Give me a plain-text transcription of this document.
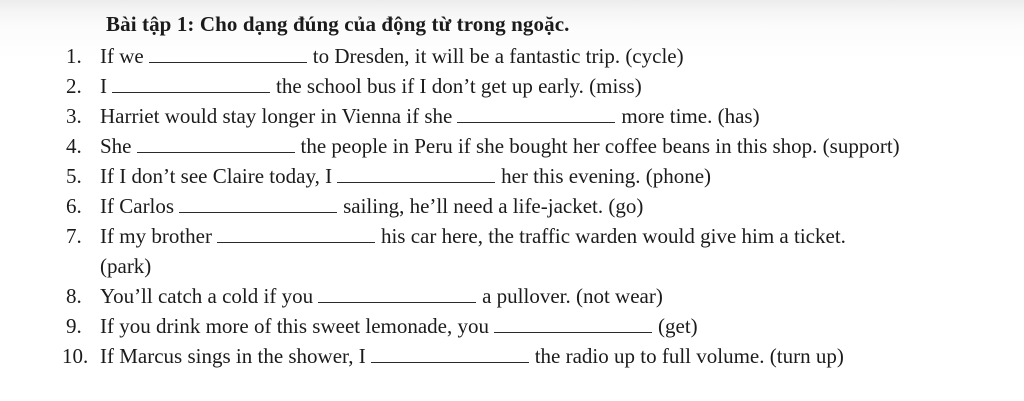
Bài tập 1: Cho dạng đúng của động từ trong ngoặc.
1. If we	to Dresden, it will be a fantastic trip. (cycle)
2. I	the school bus if I don’t get up early. (miss)
3. Harriet would stay longer in Vienna if she	more time. (has)
4. She	the people in Peru if she bought her coffee beans in this shop. (support)
5. If I don’t see Claire today, I	her this evening. (phone)
6. If Carlos	sailing, he’ll need a life-jacket. (go)
7. If my brother	his car here, the traffic warden would give him a ticket.
(park)
8. You’ll catch a cold if you	a pullover. (not wear)
9. If you drink more of this sweet lemonade, you	(get)
10. If Marcus sings in the shower, I	the radio up to full volume. (turn up)
